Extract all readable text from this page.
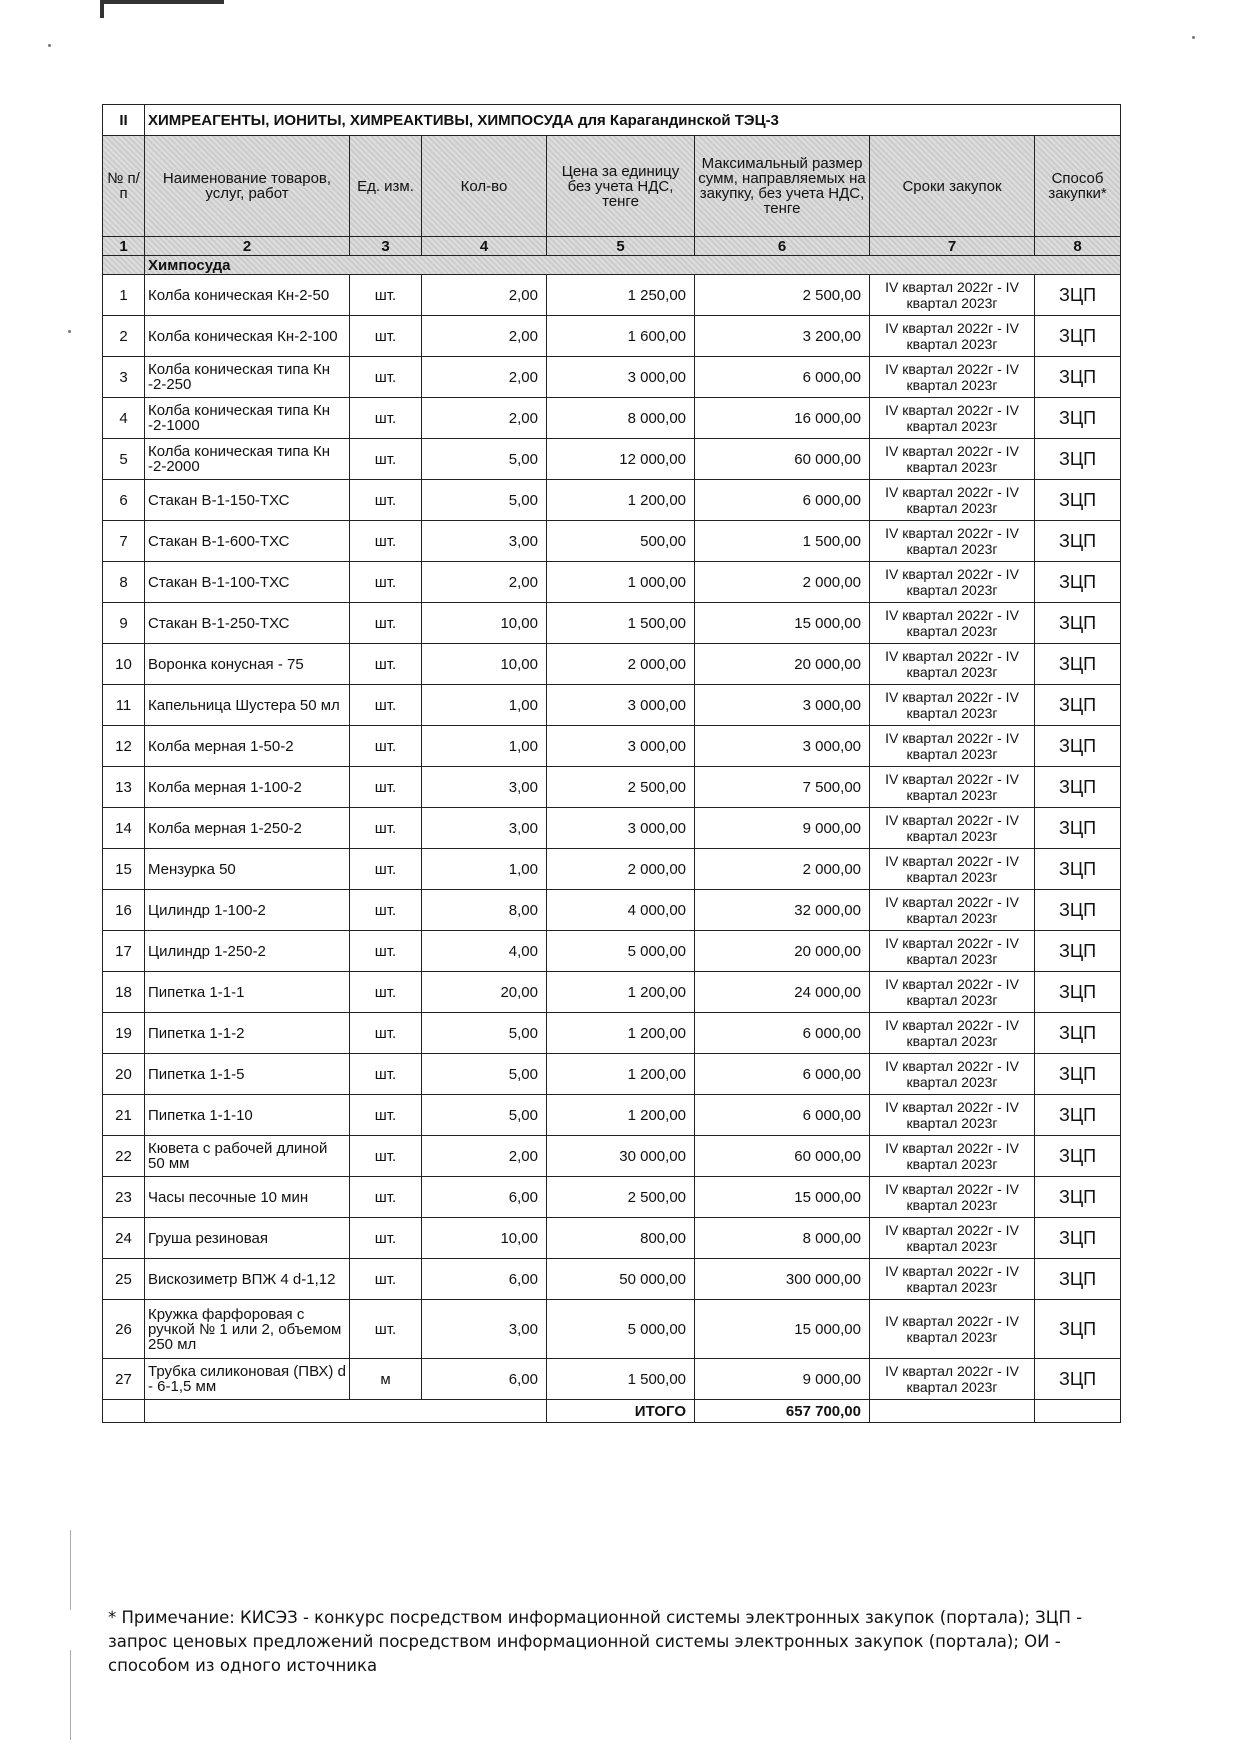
II	ХИМРЕАГЕНТЫ, ИОНИТЫ, ХИМРЕАКТИВЫ, ХИМПОСУДА для Карагандинской ТЭЦ-3						
№ п/п	Наименование товаров, услуг, работ	Ед. изм.	Кол-во	Цена за единицу без учета НДС, тенге	Максимальный размер сумм, направляемых на закупку, без учета НДС, тенге	Сроки закупок	Способ закупки*
1	2	3	4	5	6	7	8
	Химпосуда						
1	Колба коническая Кн-2-50	шт.	2,00	1 250,00	2 500,00	IV квартал 2022г - IV квартал 2023г	ЗЦП
2	Колба коническая Кн-2-100	шт.	2,00	1 600,00	3 200,00	IV квартал 2022г - IV квартал 2023г	ЗЦП
3	Колба коническая типа Кн -2-250	шт.	2,00	3 000,00	6 000,00	IV квартал 2022г - IV квартал 2023г	ЗЦП
4	Колба коническая типа Кн -2-1000	шт.	2,00	8 000,00	16 000,00	IV квартал 2022г - IV квартал 2023г	ЗЦП
5	Колба коническая типа Кн -2-2000	шт.	5,00	12 000,00	60 000,00	IV квартал 2022г - IV квартал 2023г	ЗЦП
6	Стакан В-1-150-ТХС	шт.	5,00	1 200,00	6 000,00	IV квартал 2022г - IV квартал 2023г	ЗЦП
7	Стакан В-1-600-ТХС	шт.	3,00	500,00	1 500,00	IV квартал 2022г - IV квартал 2023г	ЗЦП
8	Стакан В-1-100-ТХС	шт.	2,00	1 000,00	2 000,00	IV квартал 2022г - IV квартал 2023г	ЗЦП
9	Стакан В-1-250-ТХС	шт.	10,00	1 500,00	15 000,00	IV квартал 2022г - IV квартал 2023г	ЗЦП
10	Воронка конусная - 75	шт.	10,00	2 000,00	20 000,00	IV квартал 2022г - IV квартал 2023г	ЗЦП
11	Капельница Шустера 50 мл	шт.	1,00	3 000,00	3 000,00	IV квартал 2022г - IV квартал 2023г	ЗЦП
12	Колба мерная 1-50-2	шт.	1,00	3 000,00	3 000,00	IV квартал 2022г - IV квартал 2023г	ЗЦП
13	Колба мерная 1-100-2	шт.	3,00	2 500,00	7 500,00	IV квартал 2022г - IV квартал 2023г	ЗЦП
14	Колба мерная 1-250-2	шт.	3,00	3 000,00	9 000,00	IV квартал 2022г - IV квартал 2023г	ЗЦП
15	Мензурка 50	шт.	1,00	2 000,00	2 000,00	IV квартал 2022г - IV квартал 2023г	ЗЦП
16	Цилиндр 1-100-2	шт.	8,00	4 000,00	32 000,00	IV квартал 2022г - IV квартал 2023г	ЗЦП
17	Цилиндр 1-250-2	шт.	4,00	5 000,00	20 000,00	IV квартал 2022г - IV квартал 2023г	ЗЦП
18	Пипетка 1-1-1	шт.	20,00	1 200,00	24 000,00	IV квартал 2022г - IV квартал 2023г	ЗЦП
19	Пипетка 1-1-2	шт.	5,00	1 200,00	6 000,00	IV квартал 2022г - IV квартал 2023г	ЗЦП
20	Пипетка 1-1-5	шт.	5,00	1 200,00	6 000,00	IV квартал 2022г - IV квартал 2023г	ЗЦП
21	Пипетка 1-1-10	шт.	5,00	1 200,00	6 000,00	IV квартал 2022г - IV квартал 2023г	ЗЦП
22	Кювета с рабочей длиной 50 мм	шт.	2,00	30 000,00	60 000,00	IV квартал 2022г - IV квартал 2023г	ЗЦП
23	Часы песочные 10 мин	шт.	6,00	2 500,00	15 000,00	IV квартал 2022г - IV квартал 2023г	ЗЦП
24	Груша резиновая	шт.	10,00	800,00	8 000,00	IV квартал 2022г - IV квартал 2023г	ЗЦП
25	Вискозиметр ВПЖ 4 d-1,12	шт.	6,00	50 000,00	300 000,00	IV квартал 2022г - IV квартал 2023г	ЗЦП
26	Кружка фарфоровая с ручкой № 1 или 2, объемом 250 мл	шт.	3,00	5 000,00	15 000,00	IV квартал 2022г - IV квартал 2023г	ЗЦП
27	Трубка силиконовая (ПВХ) d - 6-1,5 мм	м	6,00	1 500,00	9 000,00	IV квартал 2022г - IV квартал 2023г	ЗЦП
				ИТОГО	657 700,00		
* Примечание: КИСЭЗ - конкурс посредством информационной системы электронных закупок (портала); ЗЦП - запрос ценовых предложений посредством информационной системы электронных закупок (портала); ОИ - способом из одного источника
